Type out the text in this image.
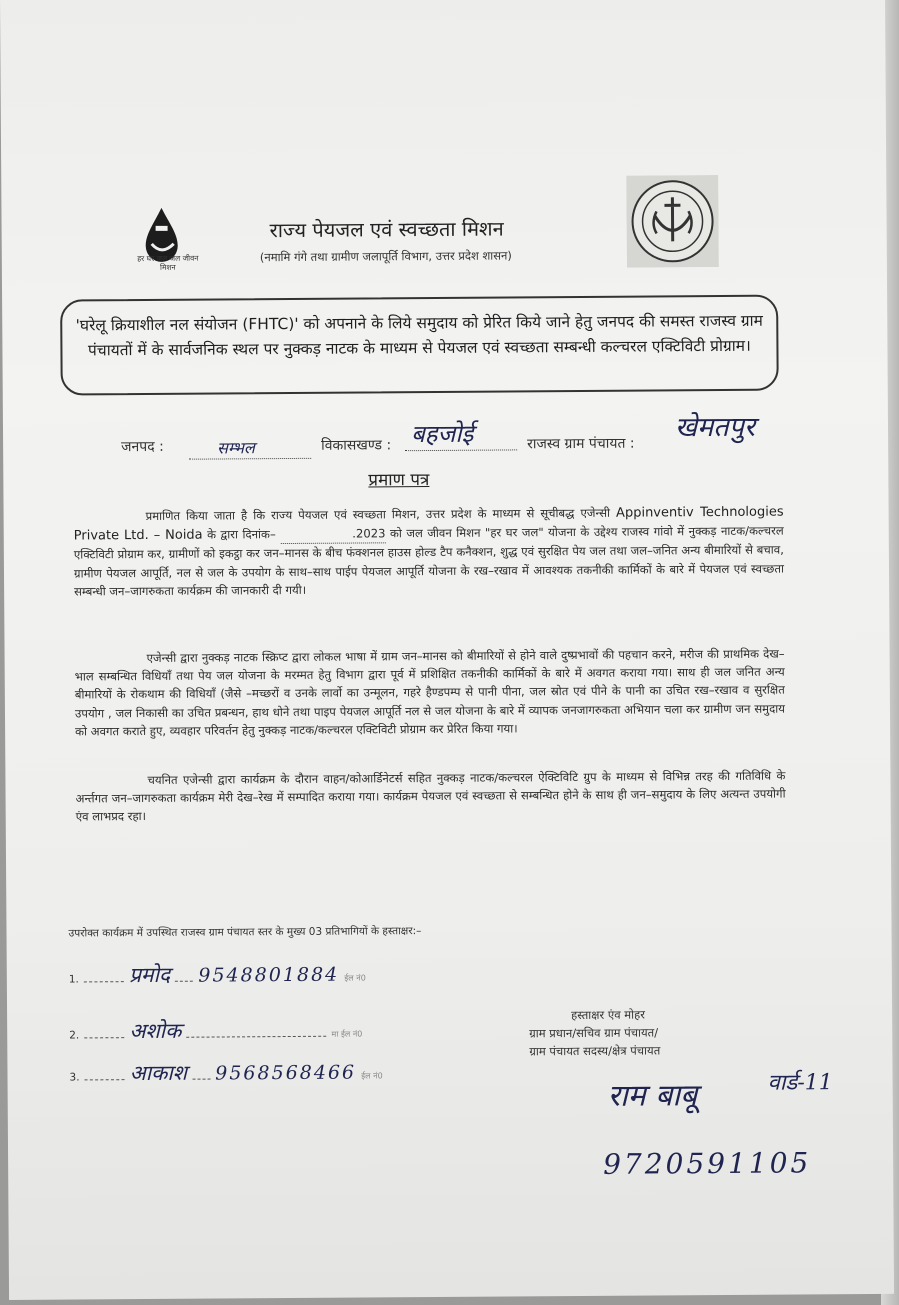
हर घर जल जल जीवन मिशन
राज्य पेयजल एवं स्वच्छता मिशन
(नमामि गंगे तथा ग्रामीण जलापूर्ति विभाग, उत्तर प्रदेश शासन)
'घरेलू क्रियाशील नल संयोजन (FHTC)' को अपनाने के लिये समुदाय को प्रेरित किये जाने हेतु जनपद की समस्त राजस्व ग्राम पंचायतों में के सार्वजनिक स्थल पर नुक्कड़ नाटक के माध्यम से पेयजल एवं स्वच्छता सम्बन्धी कल्चरल एक्टिविटी प्रोग्राम।
जनपद :	सम्भल	विकासखण्ड : बहजोई	राजस्व ग्राम पंचायत :
खेमतपुर
प्रमाण पत्र
प्रमाणित किया जाता है कि राज्य पेयजल एवं स्वच्छता मिशन, उत्तर प्रदेश के माध्यम से सूचीबद्ध एजेन्सी Appinventiv Technologies Private Ltd. – Noida के द्वारा दिनांक–	.2023 को जल जीवन मिशन "हर घर जल" योजना के उद्देश्य राजस्व गांवो में नुक्कड़ नाटक/कल्चरल एक्टिविटी प्रोग्राम कर, ग्रामीणों को इकट्ठा कर जन–मानस के बीच फंक्शनल हाउस होल्ड टैप कनैक्शन, शुद्ध एवं सुरक्षित पेय जल तथा जल–जनित अन्य बीमारियों से बचाव, ग्रामीण पेयजल आपूर्ति, नल से जल के उपयोग के साथ–साथ पाईप पेयजल आपूर्ति योजना के रख–रखाव में आवश्यक तकनीकी कार्मिकों के बारे में पेयजल एवं स्वच्छता सम्बन्धी जन–जागरुकता कार्यक्रम की जानकारी दी गयी।
एजेन्सी द्वारा नुक्कड़ नाटक स्क्रिप्ट द्वारा लोकल भाषा में ग्राम जन–मानस को बीमारियों से होने वाले दुष्प्रभावों की पहचान करने, मरीज की प्राथमिक देख–भाल सम्बन्धित विधियाँ तथा पेय जल योजना के मरम्मत हेतु विभाग द्वारा पूर्व में प्रशिक्षित तकनीकी कार्मिकों के बारे में अवगत कराया गया। साथ ही जल जनित अन्य बीमारियों के रोकथाम की विधियाँ (जैसे –मच्छरों व उनके लार्वो का उन्मूलन, गहरे हैण्डपम्प से पानी पीना, जल स्रोत एवं पीने के पानी का उचित रख–रखाव व सुरक्षित उपयोग , जल निकासी का उचित प्रबन्धन, हाथ धोने तथा पाइप पेयजल आपूर्ति नल से जल योजना के बारे में व्यापक जनजागरुकता अभियान चला कर ग्रामीण जन समुदाय को अवगत कराते हुए, व्यवहार परिवर्तन हेतु नुक्कड़ नाटक/कल्चरल एक्टिविटी प्रोग्राम कर प्रेरित किया गया।
चयनित एजेन्सी द्वारा कार्यक्रम के दौरान वाहन/कोआर्डिनेटर्स सहित नुक्कड़ नाटक/कल्चरल ऐक्टिविटि ग्रुप के माध्यम से विभिन्न तरह की गतिविधि के अर्न्तगत जन–जागरुकता कार्यक्रम मेरी देख–रेख में सम्पादित कराया गया। कार्यक्रम पेयजल एवं स्वच्छता से सम्बन्धित होने के साथ ही जन–समुदाय के लिए अत्यन्त उपयोगी एंव लाभप्रद रहा।
उपरोक्त कार्यक्रम में उपस्थित राजस्व ग्राम पंचायत स्तर के मुख्य 03 प्रतिभागियों के हस्ताक्षर:–
1. प्रमोद 9548801884 ईल नं0
2. अशोक	मा ईल नं0
3. आकाश 9568568466 ईल नं0
हस्ताक्षर एंव मोहर
ग्राम प्रधान/सचिव ग्राम पंचायत/
ग्राम पंचायत सदस्य/क्षेत्र पंचायत
राम बाबू	वार्ड-11
9720591105
